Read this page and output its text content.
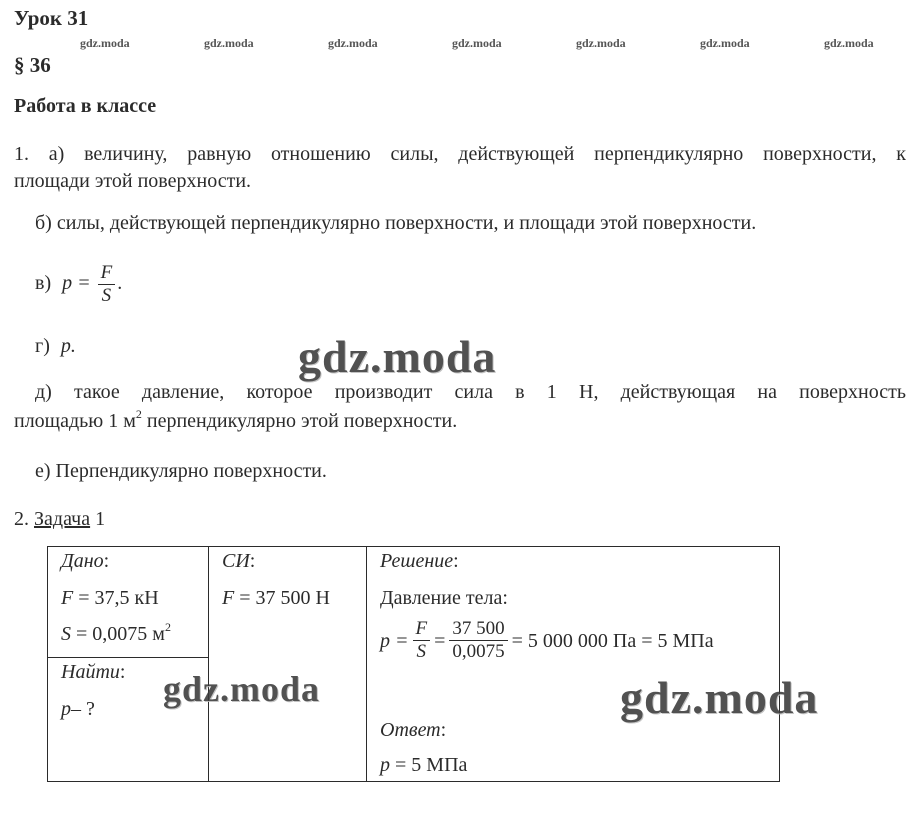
Урок 31
§ 36
Работа в классе
gdz.moda	gdz.moda	gdz.moda	gdz.moda	gdz.moda	gdz.moda	gdz.moda
1. а) величину, равную отношению силы, действующей перпендикулярно поверхности, к
площади этой поверхности.
б) силы, действующей перпендикулярно поверхности, и площади этой поверхности.
в) $p = \frac{F}{S}$ .
г) p.
д) такое давление, которое производит сила в 1 Н, действующая на поверхность
площадью 1 $м^2$ перпендикулярно этой поверхности.
е) Перпендикулярно поверхности.
2. Задача 1
Дано:
F = 37,5 кН
S = 0,0075 $м^2$
Найти:
p– ?
СИ:
F = 37 500 Н
Решение:
Давление тела:
$p = \frac{F}{S} = \frac{37 500}{0,0075} = 5$ 000 000 Па = 5 МПа
Ответ:
p = 5 МПа
gdz.moda
gdz.moda	gdz.moda
